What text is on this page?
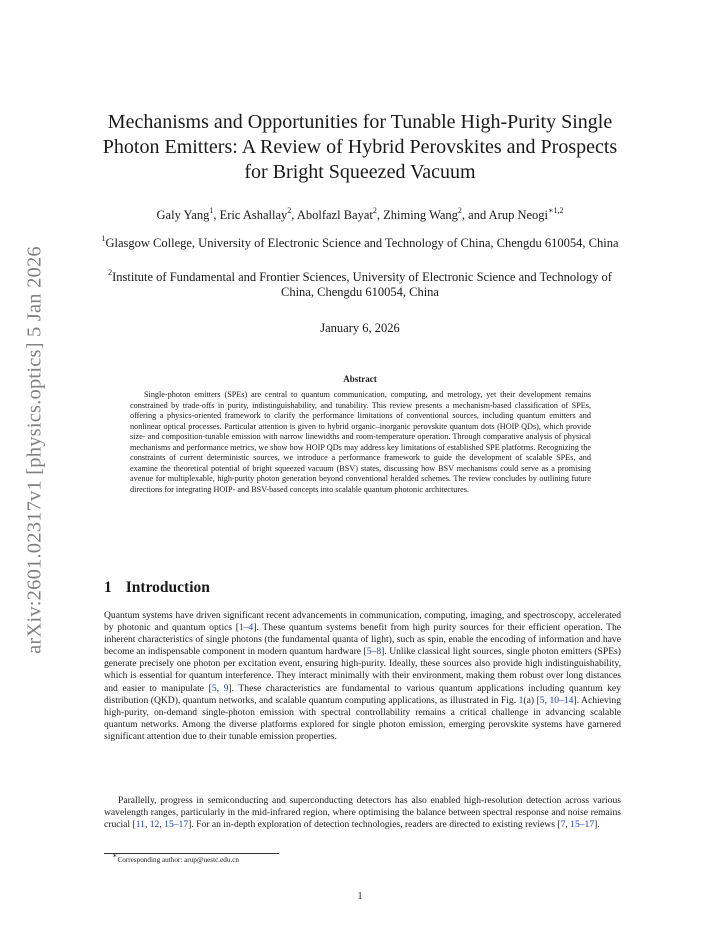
arXiv:2601.02317v1 [physics.optics] 5 Jan 2026
Mechanisms and Opportunities for Tunable High-Purity Single Photon Emitters: A Review of Hybrid Perovskites and Prospects for Bright Squeezed Vacuum
Galy Yang$^1$, Eric Ashallay$^2$, Abolfazl Bayat$^2$, Zhiming Wang$^2$, and Arup Neogi$^{∗1,2}$
$^1$Glasgow College, University of Electronic Science and Technology of China, Chengdu 610054, China
$^2$Institute of Fundamental and Frontier Sciences, University of Electronic Science and Technology of China, Chengdu 610054, China
January 6, 2026
Abstract
Single-photon emitters (SPEs) are central to quantum communication, computing, and metrology, yet their development remains constrained by trade-offs in purity, indistinguishability, and tunability. This review presents a mechanism-based classification of SPEs, offering a physics-oriented framework to clarify the performance limitations of conventional sources, including quantum emitters and nonlinear optical processes. Particular attention is given to hybrid organic–inorganic perovskite quantum dots (HOIP QDs), which provide size- and composition-tunable emission with narrow linewidths and room-temperature operation. Through comparative analysis of physical mechanisms and performance metrics, we show how HOIP QDs may address key limitations of established SPE platforms. Recognizing the constraints of current deterministic sources, we introduce a performance framework to guide the development of scalable SPEs, and examine the theoretical potential of bright squeezed vacuum (BSV) states, discussing how BSV mechanisms could serve as a promising avenue for multiplexable, high-purity photon generation beyond conventional heralded schemes. The review concludes by outlining future directions for integrating HOIP- and BSV-based concepts into scalable quantum photonic architectures.
1 Introduction
Quantum systems have driven significant recent advancements in communication, computing, imaging, and spectroscopy, accelerated by photonic and quantum optics [1–4]. These quantum systems benefit from high purity sources for their efficient operation. The inherent characteristics of single photons (the fundamental quanta of light), such as spin, enable the encoding of information and have become an indispensable component in modern quantum hardware [5–8]. Unlike classical light sources, single photon emitters (SPEs) generate precisely one photon per excitation event, ensuring high-purity. Ideally, these sources also provide high indistinguishability, which is essential for quantum interference. They interact minimally with their environment, making them robust over long distances and easier to manipulate [5, 9]. These characteristics are fundamental to various quantum applications including quantum key distribution (QKD), quantum networks, and scalable quantum computing applications, as illustrated in Fig. 1(a) [5, 10–14]. Achieving high-purity, on-demand single-photon emission with spectral controllability remains a critical challenge in advancing scalable quantum networks. Among the diverse platforms explored for single photon emission, emerging perovskite systems have garnered significant attention due to their tunable emission properties.
Parallelly, progress in semiconducting and superconducting detectors has also enabled high-resolution detection across various wavelength ranges, particularly in the mid-infrared region, where optimising the balance between spectral response and noise remains crucial [11, 12, 15–17]. For an in-depth exploration of detection technologies, readers are directed to existing reviews [7, 15–17].
∗Corresponding author: arup@uestc.edu.cn
1
